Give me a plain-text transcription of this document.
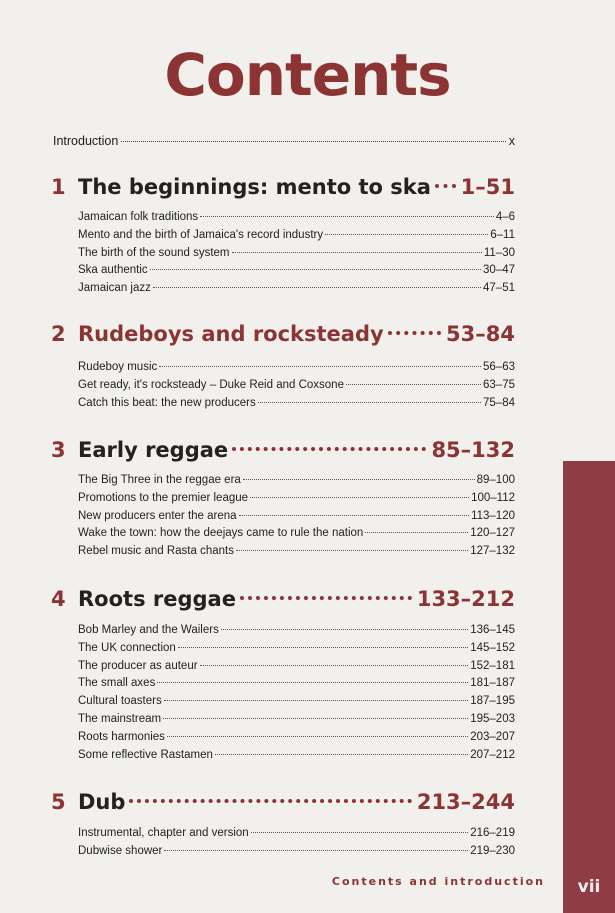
Contents
Introduction	x
1 The beginnings: mento to ska 1–51
Jamaican folk traditions	4–6
Mento and the birth of Jamaica's record industry	6–11
The birth of the sound system	11–30
Ska authentic	30–47
Jamaican jazz	47–51
2 Rudeboys and rocksteady	53–84
Rudeboy music	56–63
Get ready, it's rocksteady – Duke Reid and Coxsone	63–75
Catch this beat: the new producers	75–84
3 Early reggae	85–132
The Big Three in the reggae era	89–100
Promotions to the premier league	100–112
New producers enter the arena	113–120
Wake the town: how the deejays came to rule the nation	120–127
Rebel music and Rasta chants	127–132
4 Roots reggae	133–212
Bob Marley and the Wailers	136–145
The UK connection	145–152
The producer as auteur	152–181
The small axes	181–187
Cultural toasters	187–195
The mainstream	195–203
Roots harmonies	203–207
Some reflective Rastamen	207–212
5 Dub	213–244
Instrumental, chapter and version	216–219
Dubwise shower	219–230
Contents and introduction	vii
